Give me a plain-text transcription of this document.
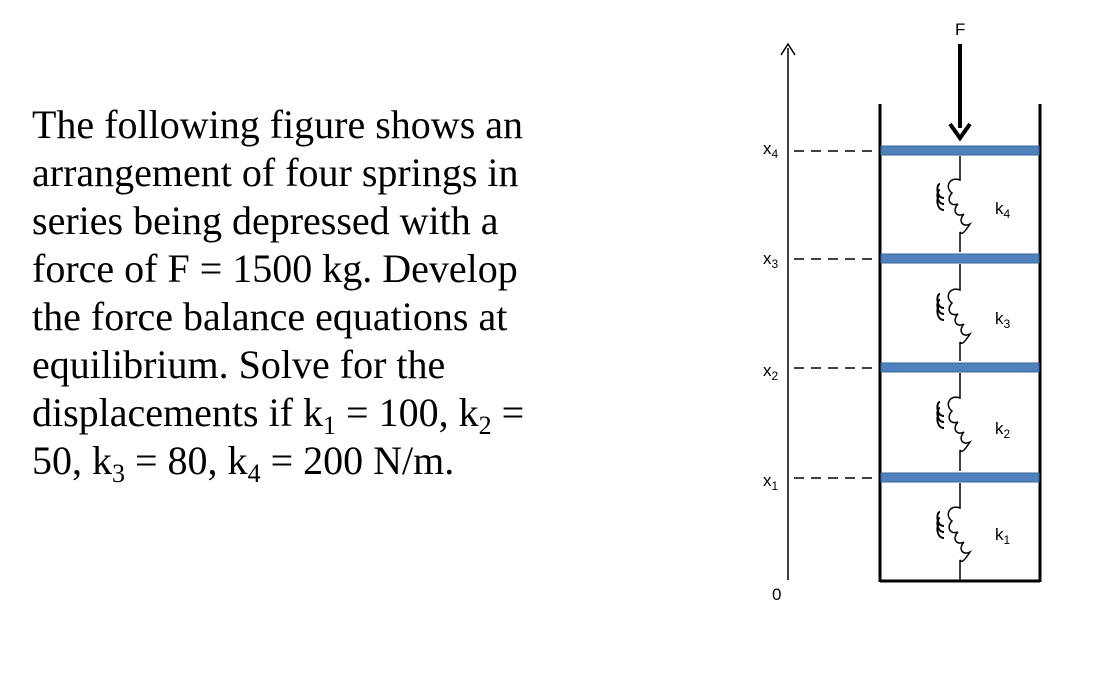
The following figure shows an
arrangement of four springs in
series being depressed with a
force of F = 1500 kg. Develop
the force balance equations at
equilibrium. Solve for the
displacements if $k_1 = 100$, $k_2$ =
50, $k_3 = 80$, $k_4 = 200$ N/m.
0
F
$x_4$
$x_3$
$x_2$
$x_1$
$k_4$
$k_3$
$k_2$
$k_1$
